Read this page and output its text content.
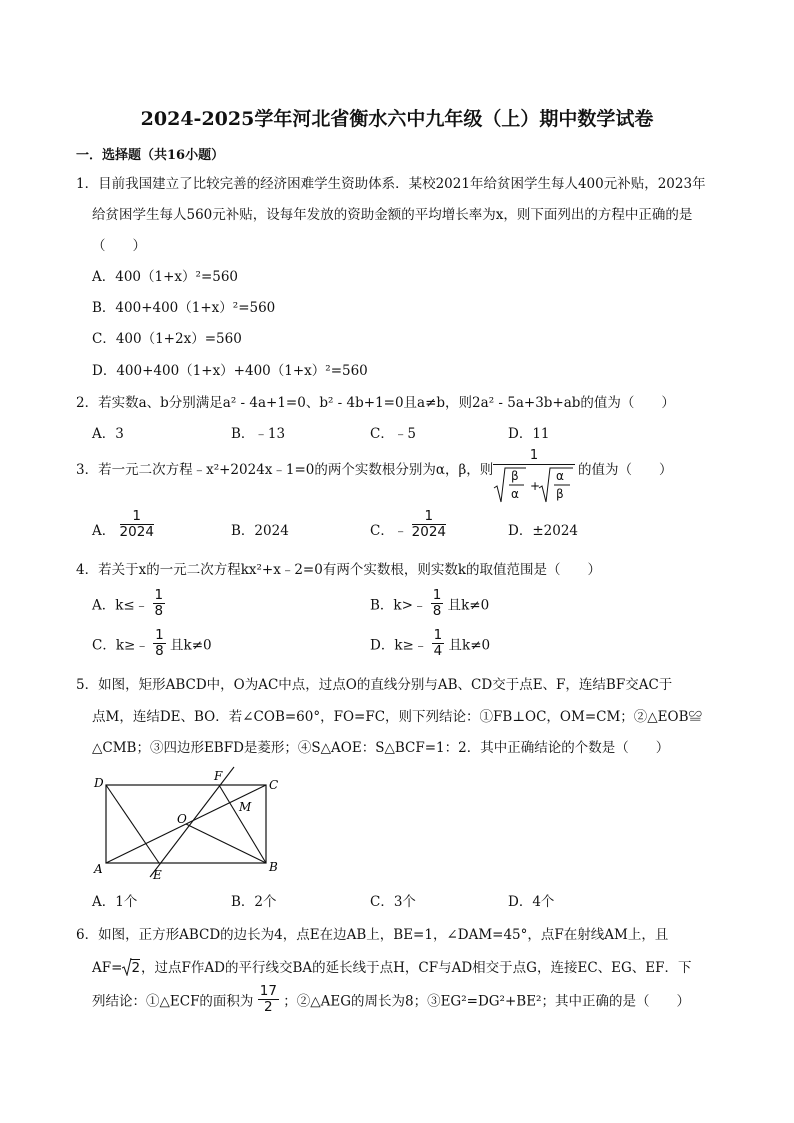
2024-2025学年河北省衡水六中九年级（上）期中数学试卷
一．选择题（共16小题）
1．目前我国建立了比较完善的经济困难学生资助体系．某校2021年给贫困学生每人400元补贴，2023年
给贫困学生每人560元补贴，设每年发放的资助金额的平均增长率为x，则下面列出的方程中正确的是
（　　）
A．400（1+x）²=560
B．400+400（1+x）²=560
C．400（1+2x）=560
D．400+400（1+x）+400（1+x）²=560
2．若实数a、b分别满足a² - 4a+1=0、b² - 4b+1=0且a≠b，则2a² - 5a+3b+ab的值为（　　）
A．3	B．﹣13	C．﹣5	D．11
3．若一元二次方程﹣x²+2024x﹣1=0的两个实数根分别为α，β，则
1
+
β
α
α
β
的值为（　　）
A． $\frac{1}{2024}$	B．2024	C．﹣ $\frac{1}{2024}$	D．±2024
4．若关于x的一元二次方程kx²+x﹣2=0有两个实数根，则实数k的取值范围是（　　）
A．k≤﹣ $\frac{1}{8}$	B．k>﹣ $\frac{1}{8}$ 且k≠0
C．k≥﹣ $\frac{1}{8}$ 且k≠0	D．k≥﹣ $\frac{1}{4}$ 且k≠0
5．如图，矩形ABCD中，O为AC中点，过点O的直线分别与AB、CD交于点E、F，连结BF交AC于
点M，连结DE、BO．若∠COB=60°，FO=FC，则下列结论：①FB⊥OC，OM=CM；②△EOB≌
△CMB；③四边形EBFD是菱形；④S△AOE：S△BCF=1：2．其中正确结论的个数是（　　）
D	F
C
M
O
A	E
B
A．1个	B．2个	C．3个	D．4个
6．如图，正方形ABCD的边长为4，点E在边AB上，BE=1，∠DAM=45°，点F在射线AM上，且
AF= 2，过点F作AD的平行线交BA的延长线于点H，CF与AD相交于点G，连接EC、EG、EF．下
列结论：①△ECF的面积为 $\frac{17}{2}$ ；②△AEG的周长为8；③EG²=DG²+BE²；其中正确的是（　　）
